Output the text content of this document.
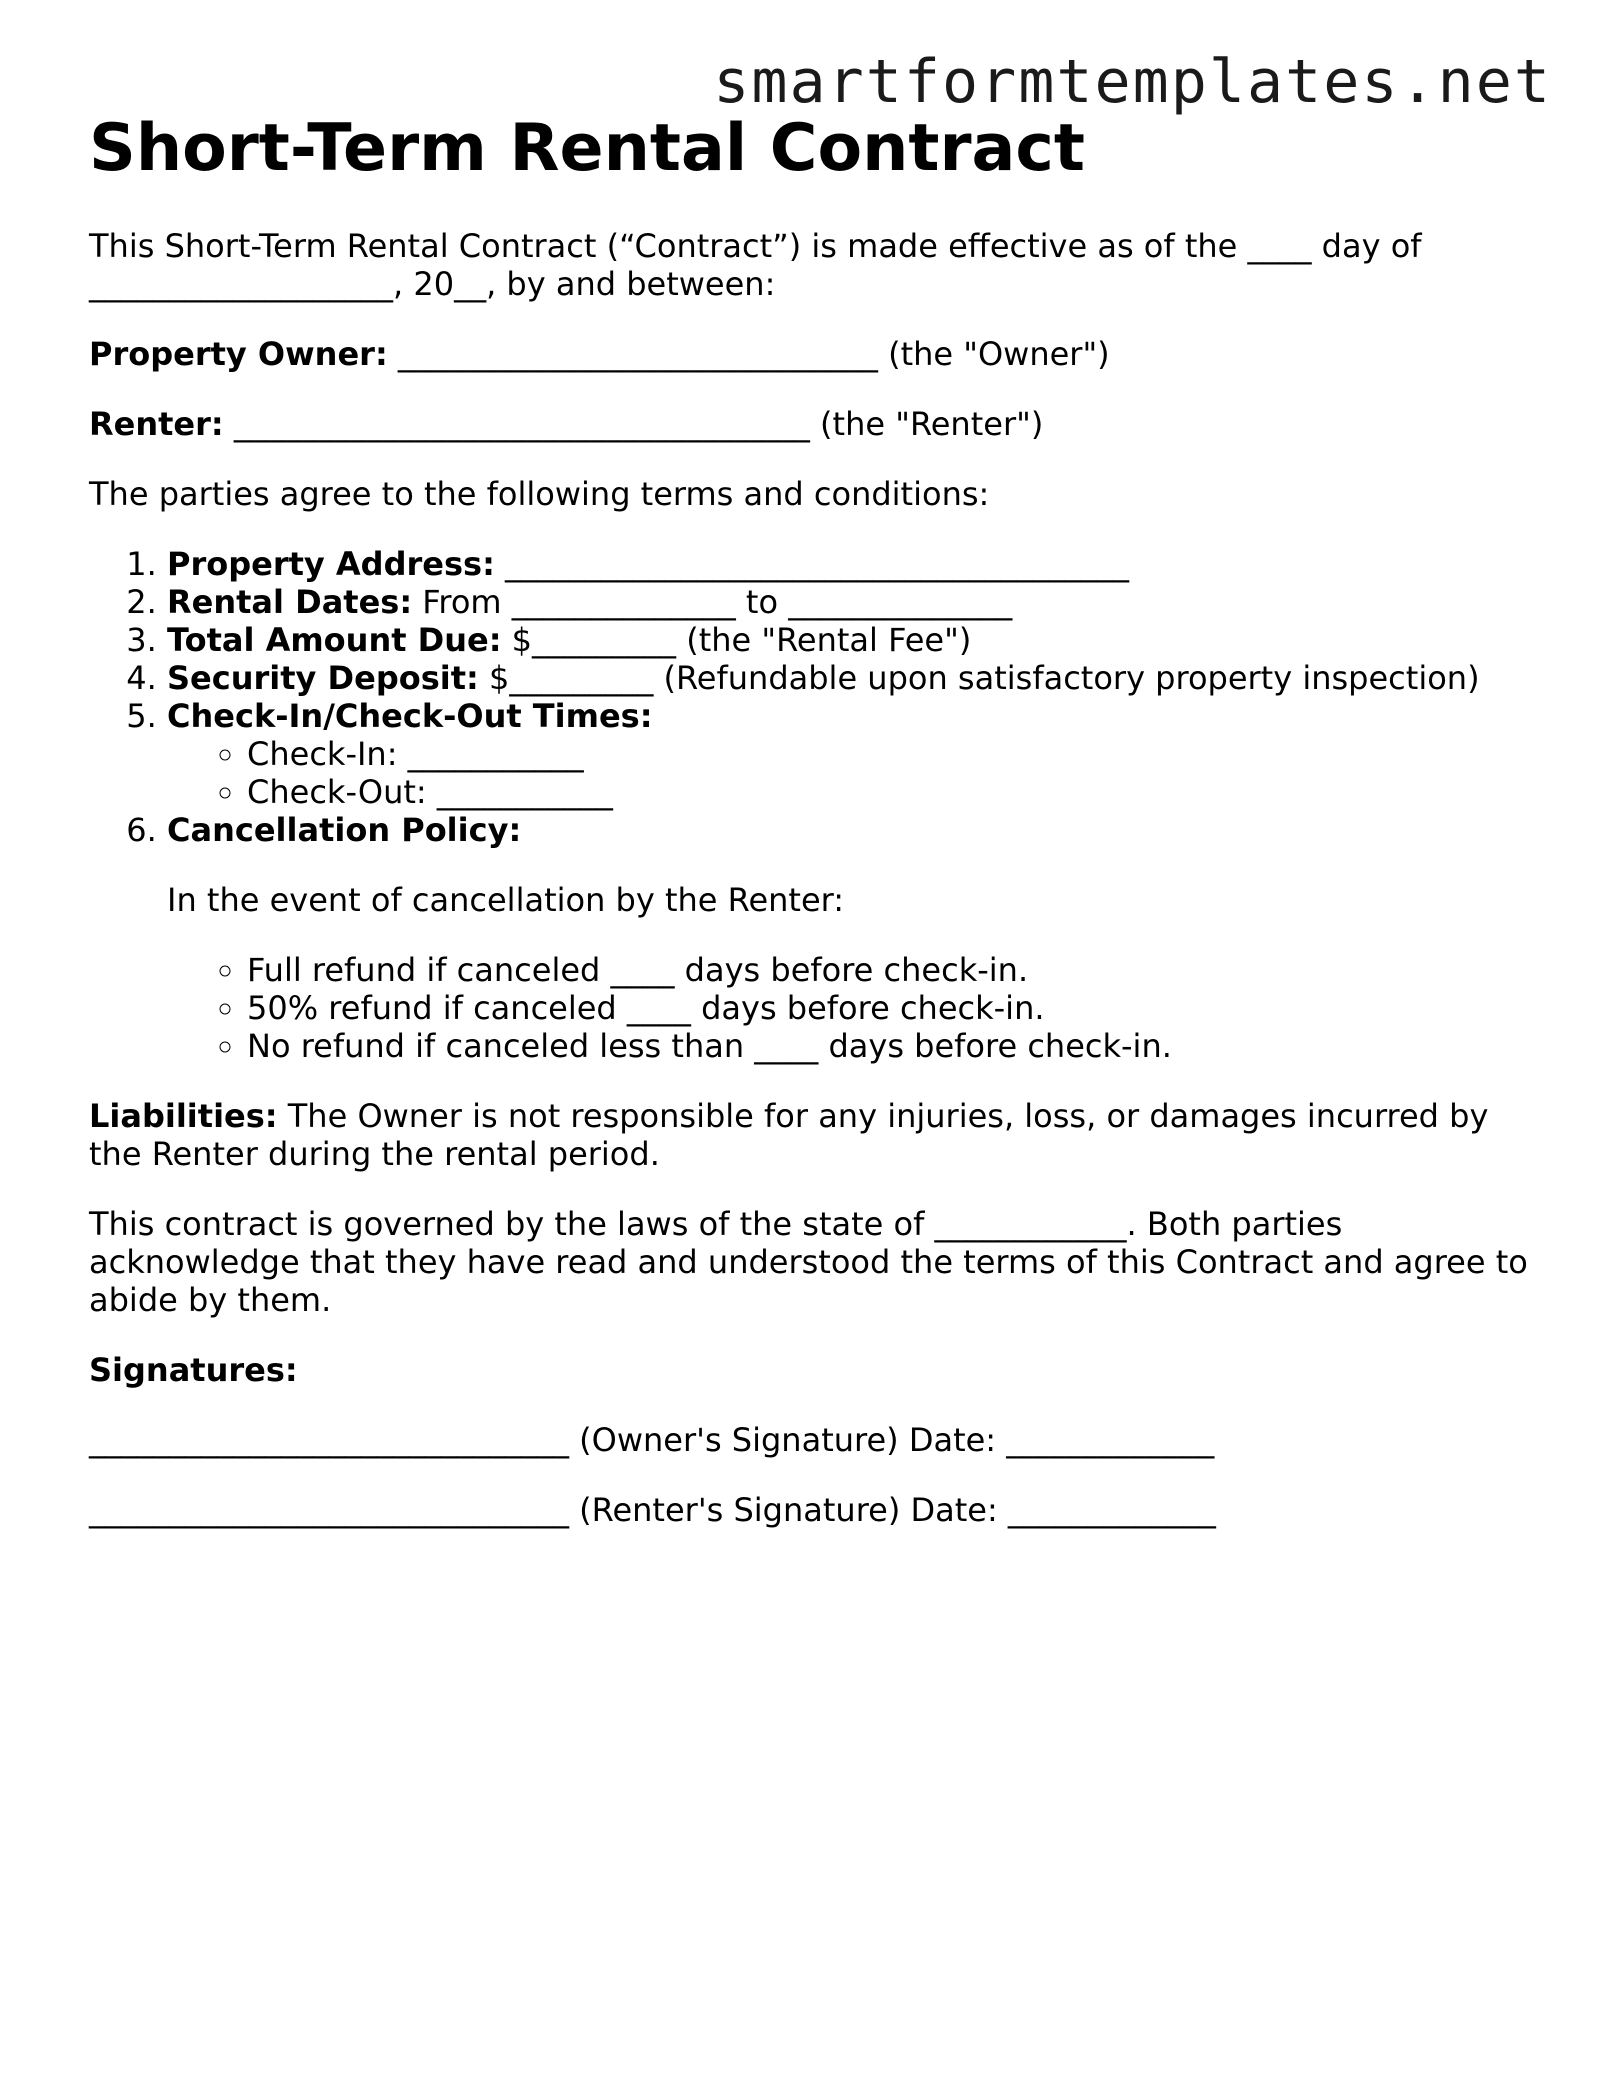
smartformtemplates.net
Short-Term Rental Contract

This Short-Term Rental Contract (“Contract”) is made effective as of the ____ day of ___________________, 20__, by and between:

Property Owner: ______________________________ (the "Owner")

Renter: ____________________________________ (the "Renter")

The parties agree to the following terms and conditions:

1. Property Address: _______________________________________
2. Rental Dates: From ______________ to ______________
3. Total Amount Due: $_________ (the "Rental Fee")
4. Security Deposit: $_________ (Refundable upon satisfactory property inspection)
5. Check-In/Check-Out Times:
◦ Check-In: ___________
◦ Check-Out: ___________
6. Cancellation Policy:

In the event of cancellation by the Renter:

◦ Full refund if canceled ____ days before check-in.
◦ 50% refund if canceled ____ days before check-in.
◦ No refund if canceled less than ____ days before check-in.

Liabilities: The Owner is not responsible for any injuries, loss, or damages incurred by the Renter during the rental period.

This contract is governed by the laws of the state of ____________. Both parties acknowledge that they have read and understood the terms of this Contract and agree to abide by them.

Signatures:

______________________________ (Owner's Signature) Date: _____________

______________________________ (Renter's Signature) Date: _____________
